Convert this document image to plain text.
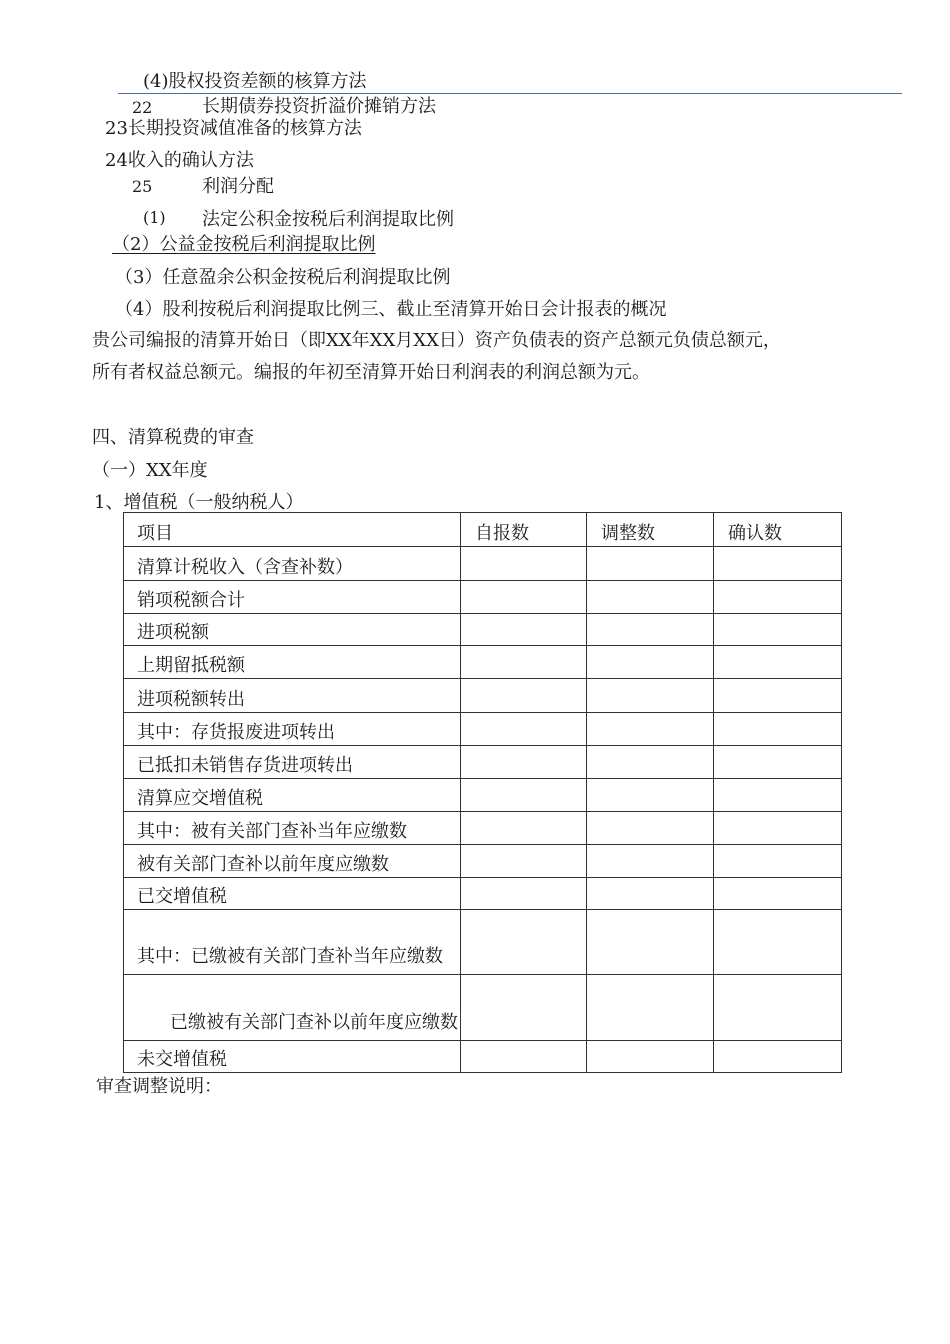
(4)股权投资差额的核算方法
22	长期债券投资折溢价摊销方法
23长期投资减值准备的核算方法
24收入的确认方法
25	利润分配
(1) 法定公积金按税后利润提取比例
（2）公益金按税后利润提取比例
（3）任意盈余公积金按税后利润提取比例
（4）股利按税后利润提取比例三、截止至清算开始日会计报表的概况
贵公司编报的清算开始日（即XX年XX月XX日）资产负债表的资产总额元负债总额元，
所有者权益总额元。编报的年初至清算开始日利润表的利润总额为元。
四、清算税费的审查
（一）XX年度
1、增值税（一般纳税人）
项目	自报数	调整数	确认数
清算计税收入（含查补数）			
销项税额合计			
进项税额			
上期留抵税额			
进项税额转出			
其中：存货报废进项转出			
已抵扣未销售存货进项转出			
清算应交增值税			
其中：被有关部门查补当年应缴数			
被有关部门查补以前年度应缴数			
已交增值税			
其中：已缴被有关部门查补当年应缴数			
已缴被有关部门查补以前年度应缴数			
未交增值税			
审查调整说明：
